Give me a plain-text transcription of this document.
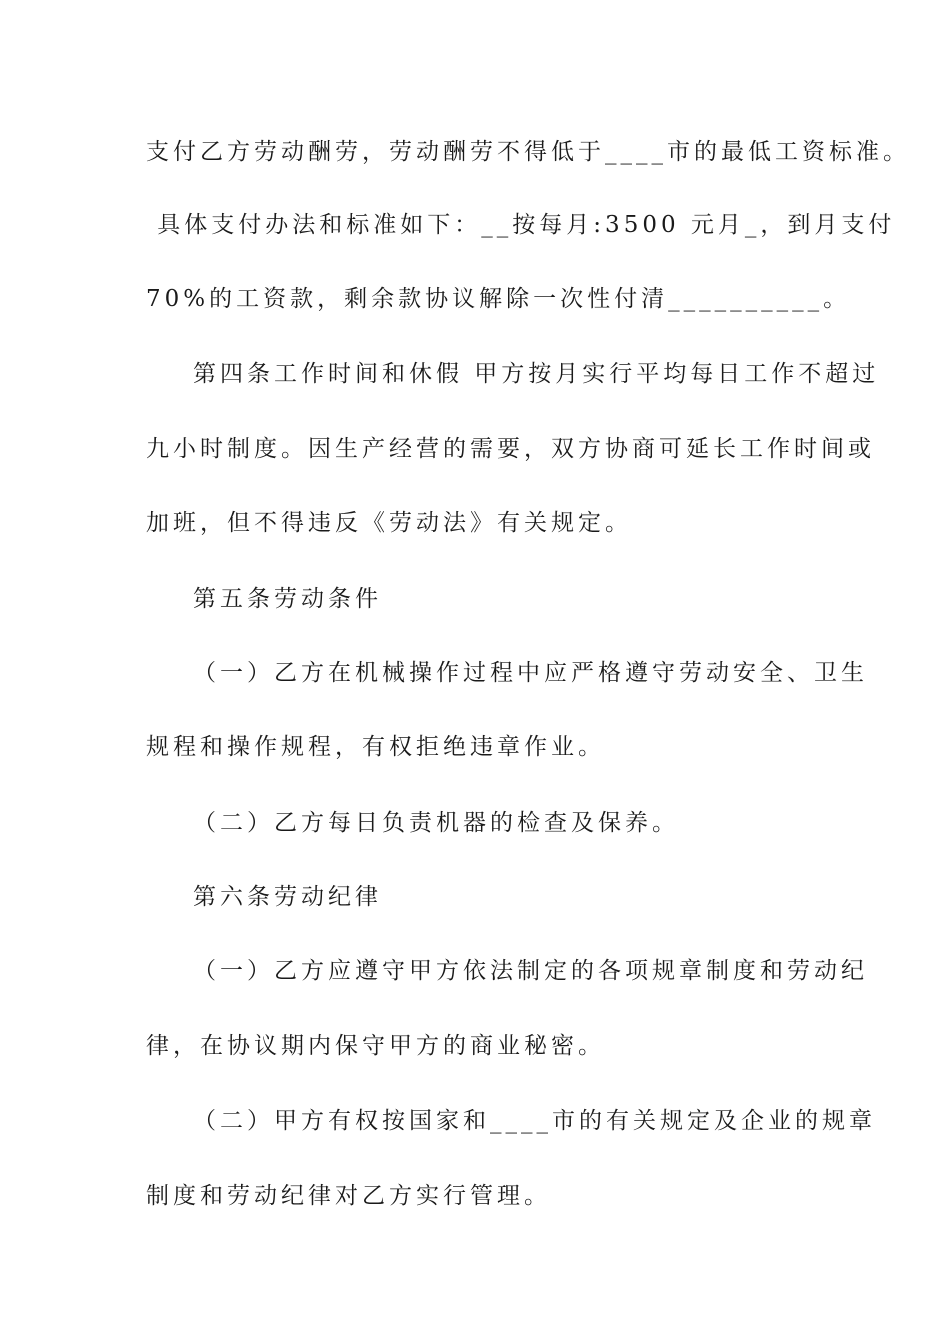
支付乙方劳动酬劳，劳动酬劳不得低于____市的最低工资标准。

具体支付办法和标准如下：__按每月:3500 元月_，到月支付

70%的工资款，剩余款协议解除一次性付清__________。

第四条工作时间和休假 甲方按月实行平均每日工作不超过

九小时制度。因生产经营的需要，双方协商可延长工作时间或

加班，但不得违反《劳动法》有关规定。

第五条劳动条件

（一）乙方在机械操作过程中应严格遵守劳动安全、卫生

规程和操作规程，有权拒绝违章作业。

（二）乙方每日负责机器的检查及保养。

第六条劳动纪律

（一）乙方应遵守甲方依法制定的各项规章制度和劳动纪

律，在协议期内保守甲方的商业秘密。

（二）甲方有权按国家和____市的有关规定及企业的规章

制度和劳动纪律对乙方实行管理。
